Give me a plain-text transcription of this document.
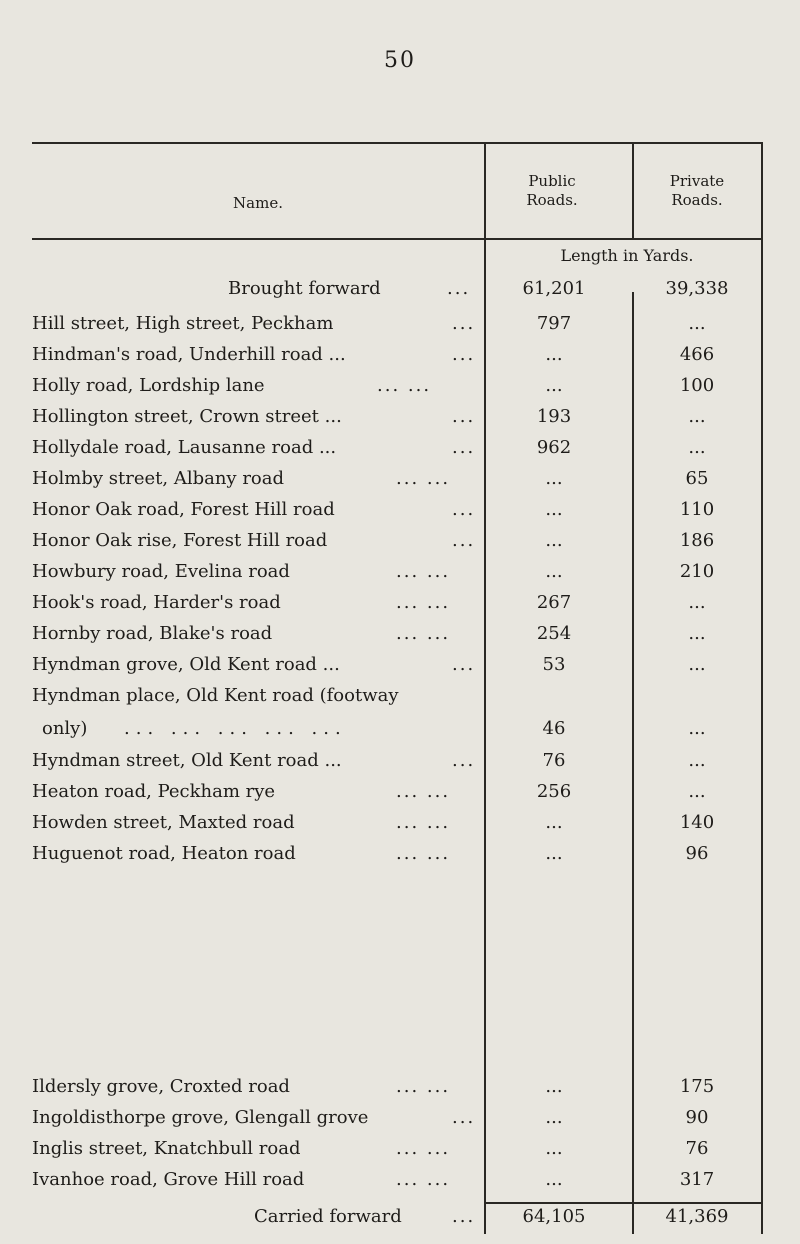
50
Name.
Public Roads.
Private Roads.
Length in Yards.
Brought forward	...	61,201	39,338
Hill street, High street, Peckham	...	797	...
Hindman's road, Underhill road ...	...	...	466
Holly road, Lordship lane	... ...	...	100
Hollington street, Crown street ...	...	193	...
Hollydale road, Lausanne road ...	...	962	...
Holmby street, Albany road	... ...	...	65
Honor Oak road, Forest Hill road	...	...	110
Honor Oak rise, Forest Hill road	...	...	186
Howbury road, Evelina road	... ...	...	210
Hook's road, Harder's road	... ...	267	...
Hornby road, Blake's road	... ...	254	...
Hyndman grove, Old Kent road ...	...	53	...
Hyndman place, Old Kent road (footway
only) ... ... ... ... ...	46	...
Hyndman street, Old Kent road ...	...	76	...
Heaton road, Peckham rye	... ...	256	...
Howden street, Maxted road	... ...	...	140
Huguenot road, Heaton road	... ...	...	96
Ildersly grove, Croxted road	... ...	...	175
Ingoldisthorpe grove, Glengall grove	...	...	90
Inglis street, Knatchbull road	... ...	...	76
Ivanhoe road, Grove Hill road	... ...	...	317
Carried forward	...	64,105	41,369
